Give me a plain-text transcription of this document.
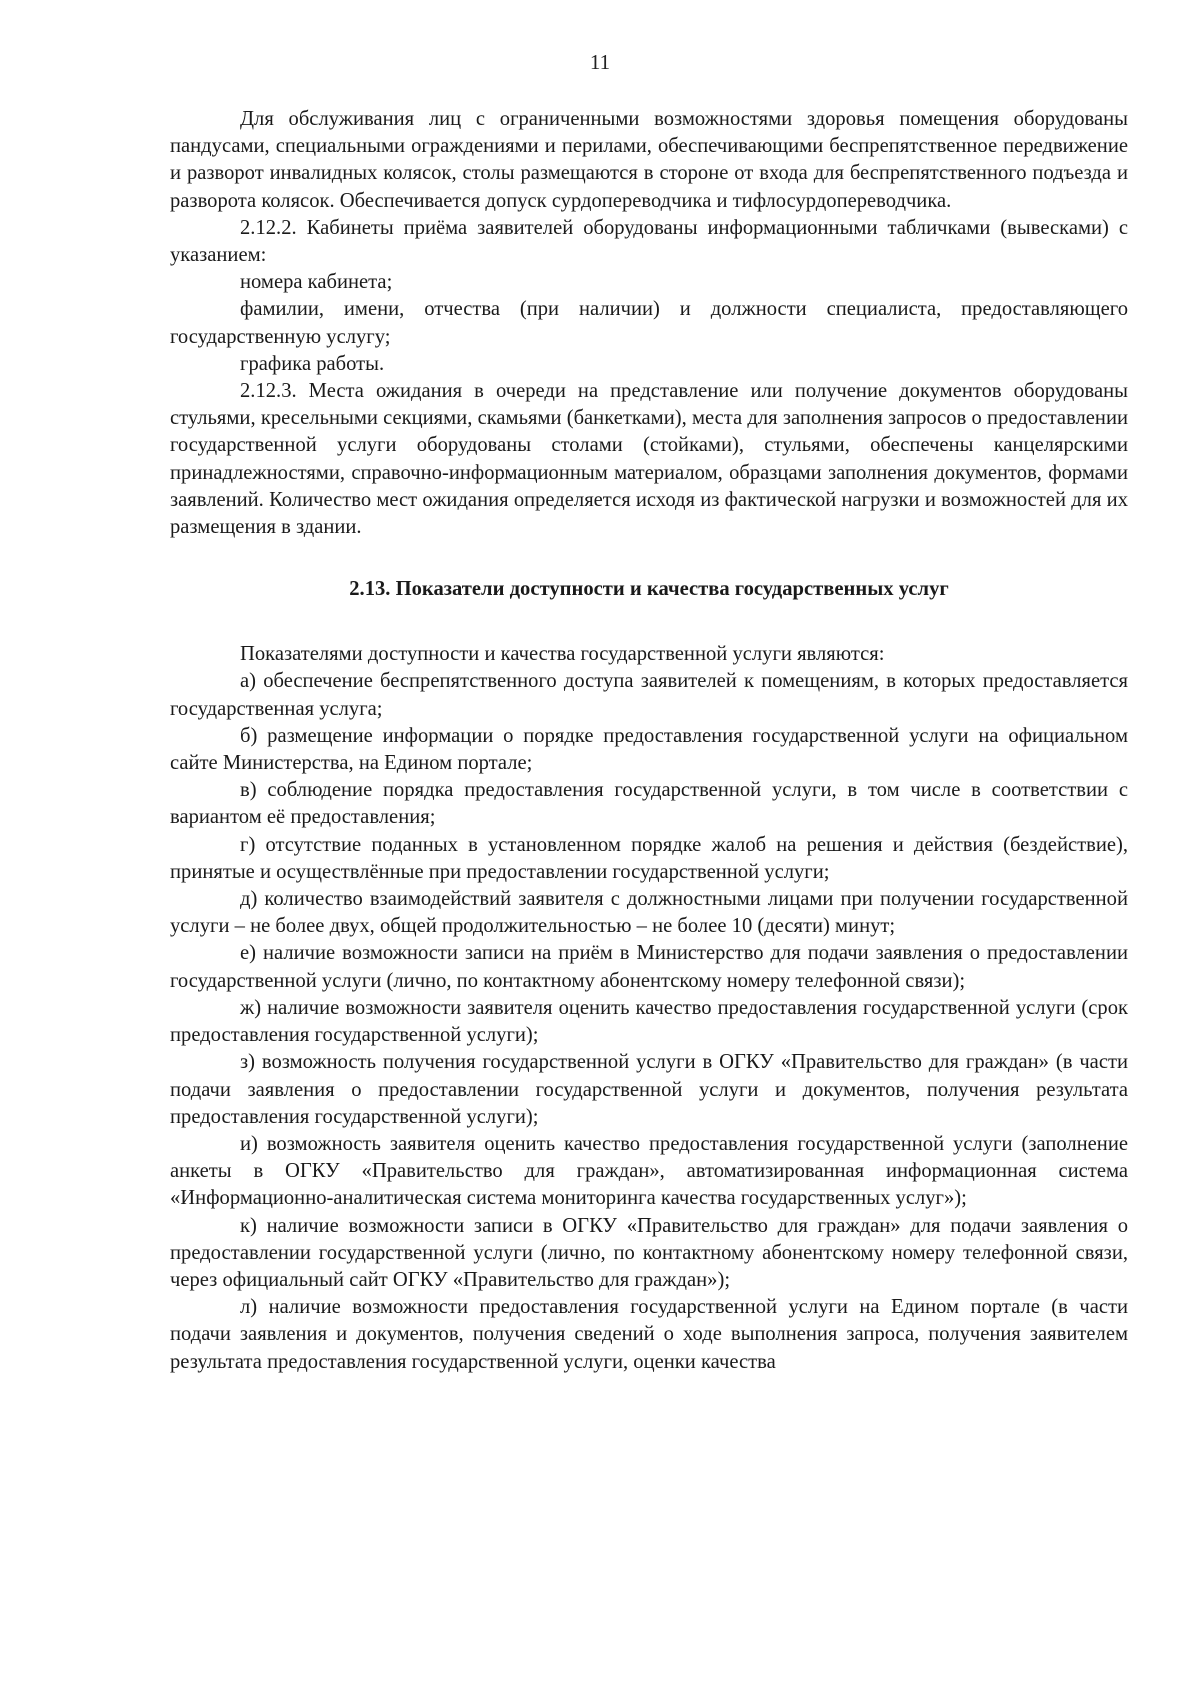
11

Для обслуживания лиц с ограниченными возможностями здоровья помещения оборудованы пандусами, специальными ограждениями и перилами, обеспечивающими беспрепятственное передвижение и разворот инвалидных колясок, столы размещаются в стороне от входа для беспрепятственного подъезда и разворота колясок. Обеспечивается допуск сурдопереводчика и тифлосурдопереводчика.

2.12.2. Кабинеты приёма заявителей оборудованы информационными табличками (вывесками) с указанием:

номера кабинета;

фамилии, имени, отчества (при наличии) и должности специалиста, предоставляющего государственную услугу;

графика работы.

2.12.3. Места ожидания в очереди на представление или получение документов оборудованы стульями, кресельными секциями, скамьями (банкетками), места для заполнения запросов о предоставлении государственной услуги оборудованы столами (стойками), стульями, обеспечены канцелярскими принадлежностями, справочно-информационным материалом, образцами заполнения документов, формами заявлений. Количество мест ожидания определяется исходя из фактической нагрузки и возможностей для их размещения в здании.

2.13. Показатели доступности и качества государственных услуг

Показателями доступности и качества государственной услуги являются:

а) обеспечение беспрепятственного доступа заявителей к помещениям, в которых предоставляется государственная услуга;

б) размещение информации о порядке предоставления государственной услуги на официальном сайте Министерства, на Едином портале;

в) соблюдение порядка предоставления государственной услуги, в том числе в соответствии с вариантом её предоставления;

г) отсутствие поданных в установленном порядке жалоб на решения и действия (бездействие), принятые и осуществлённые при предоставлении государственной услуги;

д) количество взаимодействий заявителя с должностными лицами при получении государственной услуги – не более двух, общей продолжительностью – не более 10 (десяти) минут;

е) наличие возможности записи на приём в Министерство для подачи заявления о предоставлении государственной услуги (лично, по контактному абонентскому номеру телефонной связи);

ж) наличие возможности заявителя оценить качество предоставления государственной услуги (срок предоставления государственной услуги);

з) возможность получения государственной услуги в ОГКУ «Правительство для граждан» (в части подачи заявления о предоставлении государственной услуги и документов, получения результата предоставления государственной услуги);

и) возможность заявителя оценить качество предоставления государственной услуги (заполнение анкеты в ОГКУ «Правительство для граждан», автоматизированная информационная система «Информационно-аналитическая система мониторинга качества государственных услуг»);

к) наличие возможности записи в ОГКУ «Правительство для граждан» для подачи заявления о предоставлении государственной услуги (лично, по контактному абонентскому номеру телефонной связи, через официальный сайт ОГКУ «Правительство для граждан»);

л) наличие возможности предоставления государственной услуги на Едином портале (в части подачи заявления и документов, получения сведений о ходе выполнения запроса, получения заявителем результата предоставления государственной услуги, оценки качества
